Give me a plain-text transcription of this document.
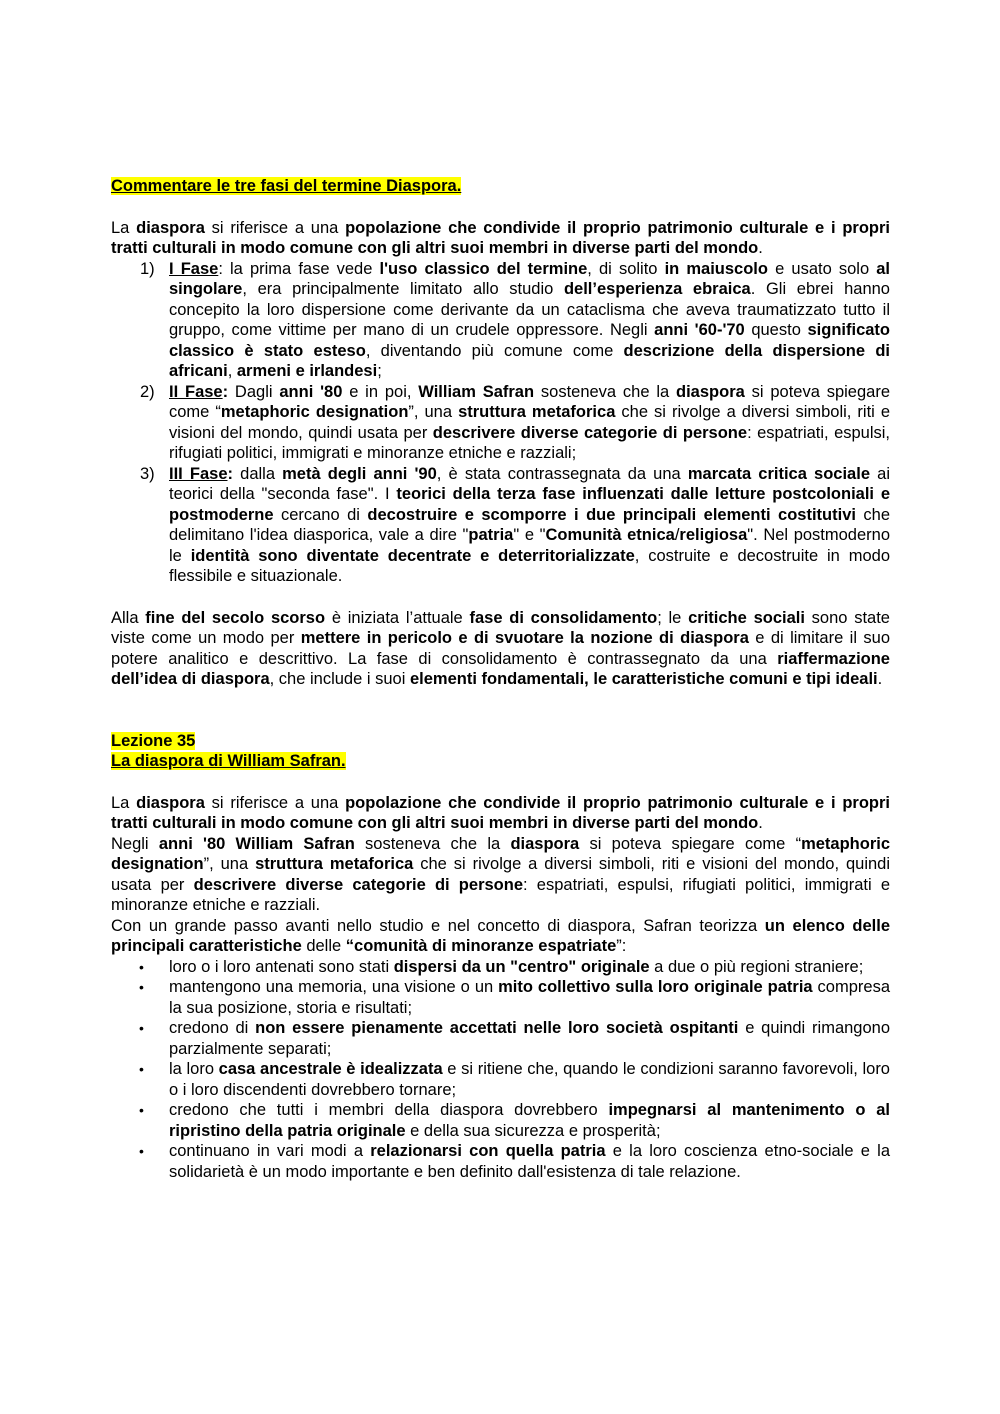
Commentare le tre fasi del termine Diaspora.

La diaspora si riferisce a una popolazione che condivide il proprio patrimonio culturale e i propri tratti culturali in modo comune con gli altri suoi membri in diverse parti del mondo.

1) I Fase: la prima fase vede l'uso classico del termine, di solito in maiuscolo e usato solo al singolare, era principalmente limitato allo studio dell’esperienza ebraica. Gli ebrei hanno concepito la loro dispersione come derivante da un cataclisma che aveva traumatizzato tutto il gruppo, come vittime per mano di un crudele oppressore. Negli anni '60-'70 questo significato classico è stato esteso, diventando più comune come descrizione della dispersione di africani, armeni e irlandesi;
2) II Fase: Dagli anni '80 e in poi, William Safran sosteneva che la diaspora si poteva spiegare come “metaphoric designation”, una struttura metaforica che si rivolge a diversi simboli, riti e visioni del mondo, quindi usata per descrivere diverse categorie di persone: espatriati, espulsi, rifugiati politici, immigrati e minoranze etniche e razziali;
3) III Fase: dalla metà degli anni '90, è stata contrassegnata da una marcata critica sociale ai teorici della "seconda fase". I teorici della terza fase influenzati dalle letture postcoloniali e postmoderne cercano di decostruire e scomporre i due principali elementi costitutivi che delimitano l'idea diasporica, vale a dire "patria" e "Comunità etnica/religiosa". Nel postmoderno le identità sono diventate decentrate e deterritorializzate, costruite e decostruite in modo flessibile e situazionale.

Alla fine del secolo scorso è iniziata l’attuale fase di consolidamento; le critiche sociali sono state viste come un modo per mettere in pericolo e di svuotare la nozione di diaspora e di limitare il suo potere analitico e descrittivo. La fase di consolidamento è contrassegnato da una riaffermazione dell’idea di diaspora, che include i suoi elementi fondamentali, le caratteristiche comuni e tipi ideali.

Lezione 35
La diaspora di William Safran.

La diaspora si riferisce a una popolazione che condivide il proprio patrimonio culturale e i propri tratti culturali in modo comune con gli altri suoi membri in diverse parti del mondo.

Negli anni '80 William Safran sosteneva che la diaspora si poteva spiegare come “metaphoric designation”, una struttura metaforica che si rivolge a diversi simboli, riti e visioni del mondo, quindi usata per descrivere diverse categorie di persone: espatriati, espulsi, rifugiati politici, immigrati e minoranze etniche e razziali.

Con un grande passo avanti nello studio e nel concetto di diaspora, Safran teorizza un elenco delle principali caratteristiche delle “comunità di minoranze espatriate”:

• loro o i loro antenati sono stati dispersi da un "centro" originale a due o più regioni straniere;
• mantengono una memoria, una visione o un mito collettivo sulla loro originale patria compresa la sua posizione, storia e risultati;
• credono di non essere pienamente accettati nelle loro società ospitanti e quindi rimangono parzialmente separati;
• la loro casa ancestrale è idealizzata e si ritiene che, quando le condizioni saranno favorevoli, loro o i loro discendenti dovrebbero tornare;
• credono che tutti i membri della diaspora dovrebbero impegnarsi al mantenimento o al ripristino della patria originale e della sua sicurezza e prosperità;
• continuano in vari modi a relazionarsi con quella patria e la loro coscienza etno-sociale e la solidarietà è un modo importante e ben definito dall'esistenza di tale relazione.
